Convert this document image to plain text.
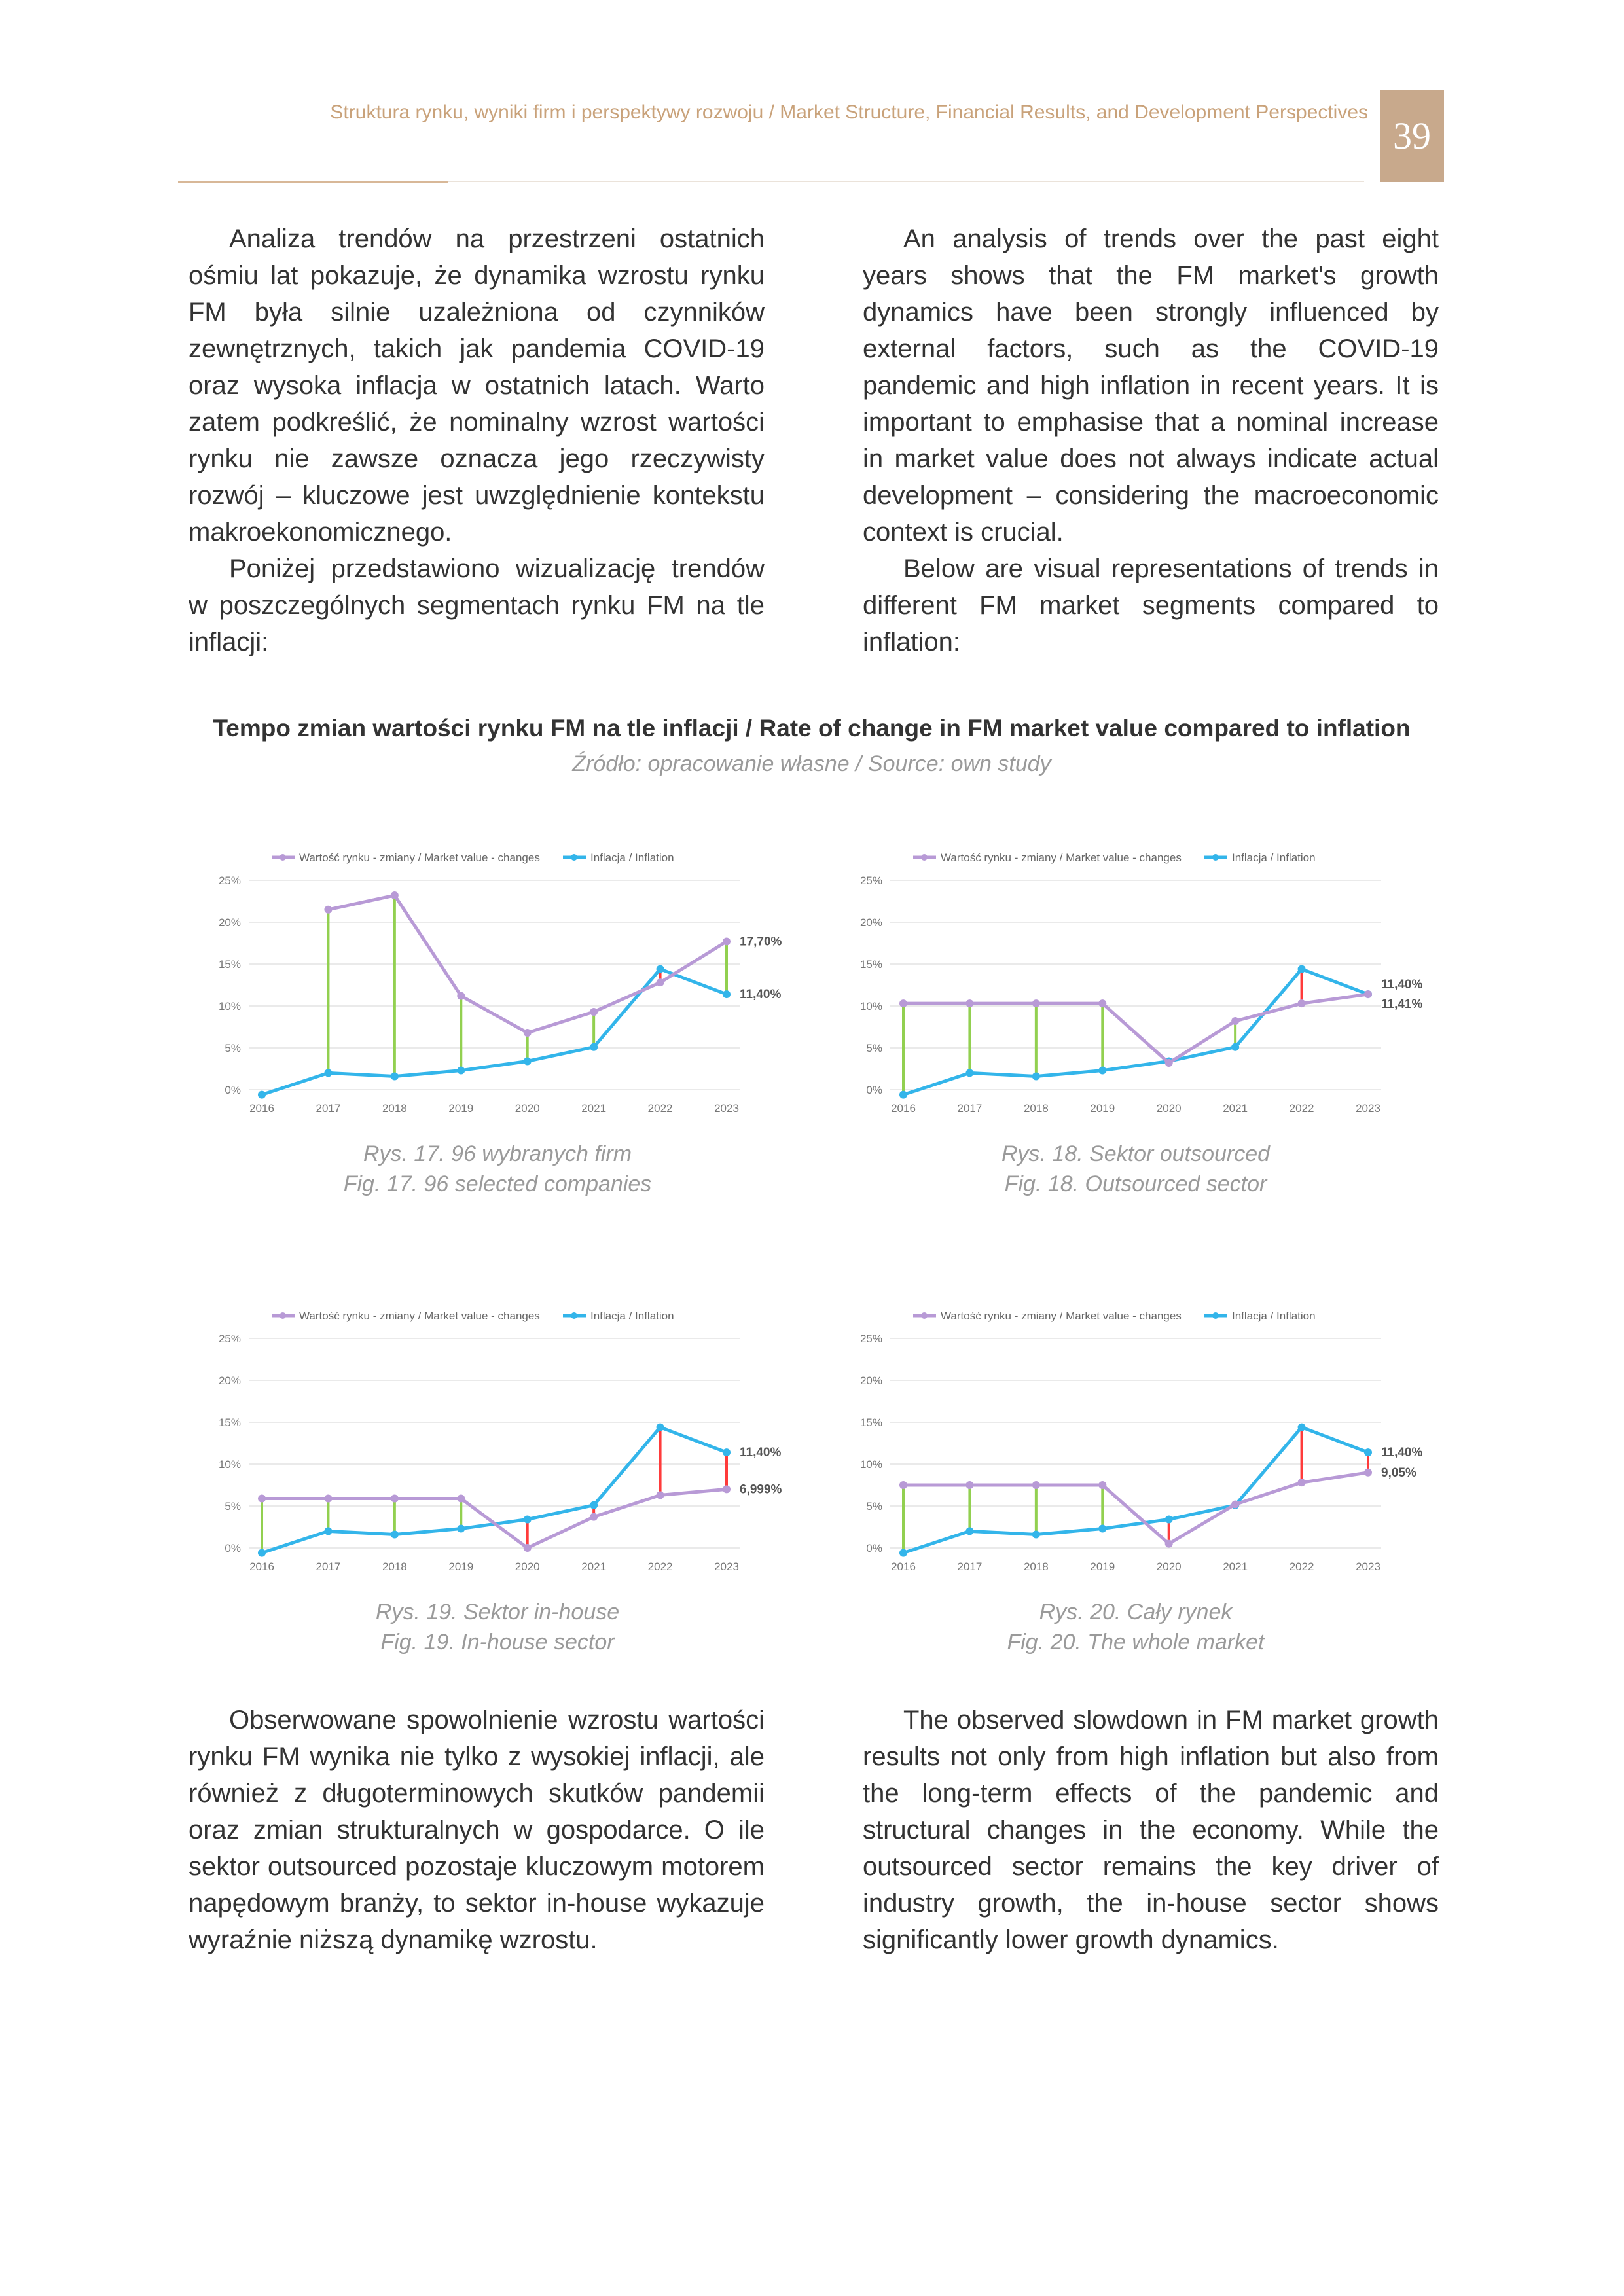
Struktura rynku, wyniki firm i perspektywy rozwoju / Market Structure, Financial Results, and Development Perspectives
39

Analiza trendów na przestrzeni ostatnich ośmiu lat pokazuje, że dynamika wzrostu rynku FM była silnie uzależniona od czynników zewnętrznych, takich jak pandemia COVID-19 oraz wysoka inflacja w ostatnich latach. Warto zatem podkreślić, że nominalny wzrost wartości rynku nie zawsze oznacza jego rzeczywisty rozwój – kluczowe jest uwzględnienie kontekstu makroekonomicznego.

Poniżej przedstawiono wizualizację trendów w poszczególnych segmentach rynku FM na tle inflacji:

An analysis of trends over the past eight years shows that the FM market's growth dynamics have been strongly influenced by external factors, such as the COVID-19 pandemic and high inflation in recent years. It is important to emphasise that a nominal increase in market value does not always indicate actual development – considering the macroeconomic context is crucial.

Below are visual representations of trends in different FM market segments compared to inflation:

Tempo zmian wartości rynku FM na tle inflacji / Rate of change in FM market value compared to inflation
Źródło: opracowanie własne / Source: own study
Wartość rynku - zmiany / Market value - changes	Inflacja / Inflation
0%
5%
10%
15%
20%
25%
2016	2017	2018	2019	2020	2021	2022	2023
17,70%
11,40%
Wartość rynku - zmiany / Market value - changes	Inflacja / Inflation
0%
5%
10%
15%
20%
25%
2016	2017	2018	2019	2020	2021	2022	2023
11,40%
11,41%
Wartość rynku - zmiany / Market value - changes	Inflacja / Inflation
0%
5%
10%
15%
20%
25%
2016	2017	2018	2019	2020	2021	2022	2023
11,40%
6,999%
Wartość rynku - zmiany / Market value - changes	Inflacja / Inflation
0%
5%
10%
15%
20%
25%
2016	2017	2018	2019	2020	2021	2022	2023
11,40%
9,05%
Rys. 17. 96 wybranych firm
Fig. 17. 96 selected companies
Rys. 18. Sektor outsourced
Fig. 18. Outsourced sector
Rys. 19. Sektor in-house
Fig. 19. In-house sector
Rys. 20. Cały rynek
Fig. 20. The whole market

Obserwowane spowolnienie wzrostu wartości rynku FM wynika nie tylko z wysokiej inflacji, ale również z długoterminowych skutków pandemii oraz zmian strukturalnych w gospodarce. O ile sektor outsourced pozostaje kluczowym motorem napędowym branży, to sektor in-house wykazuje wyraźnie niższą dynamikę wzrostu.

The observed slowdown in FM market growth results not only from high inflation but also from the long-term effects of the pandemic and structural changes in the economy. While the outsourced sector remains the key driver of industry growth, the in-house sector shows significantly lower growth dynamics.
